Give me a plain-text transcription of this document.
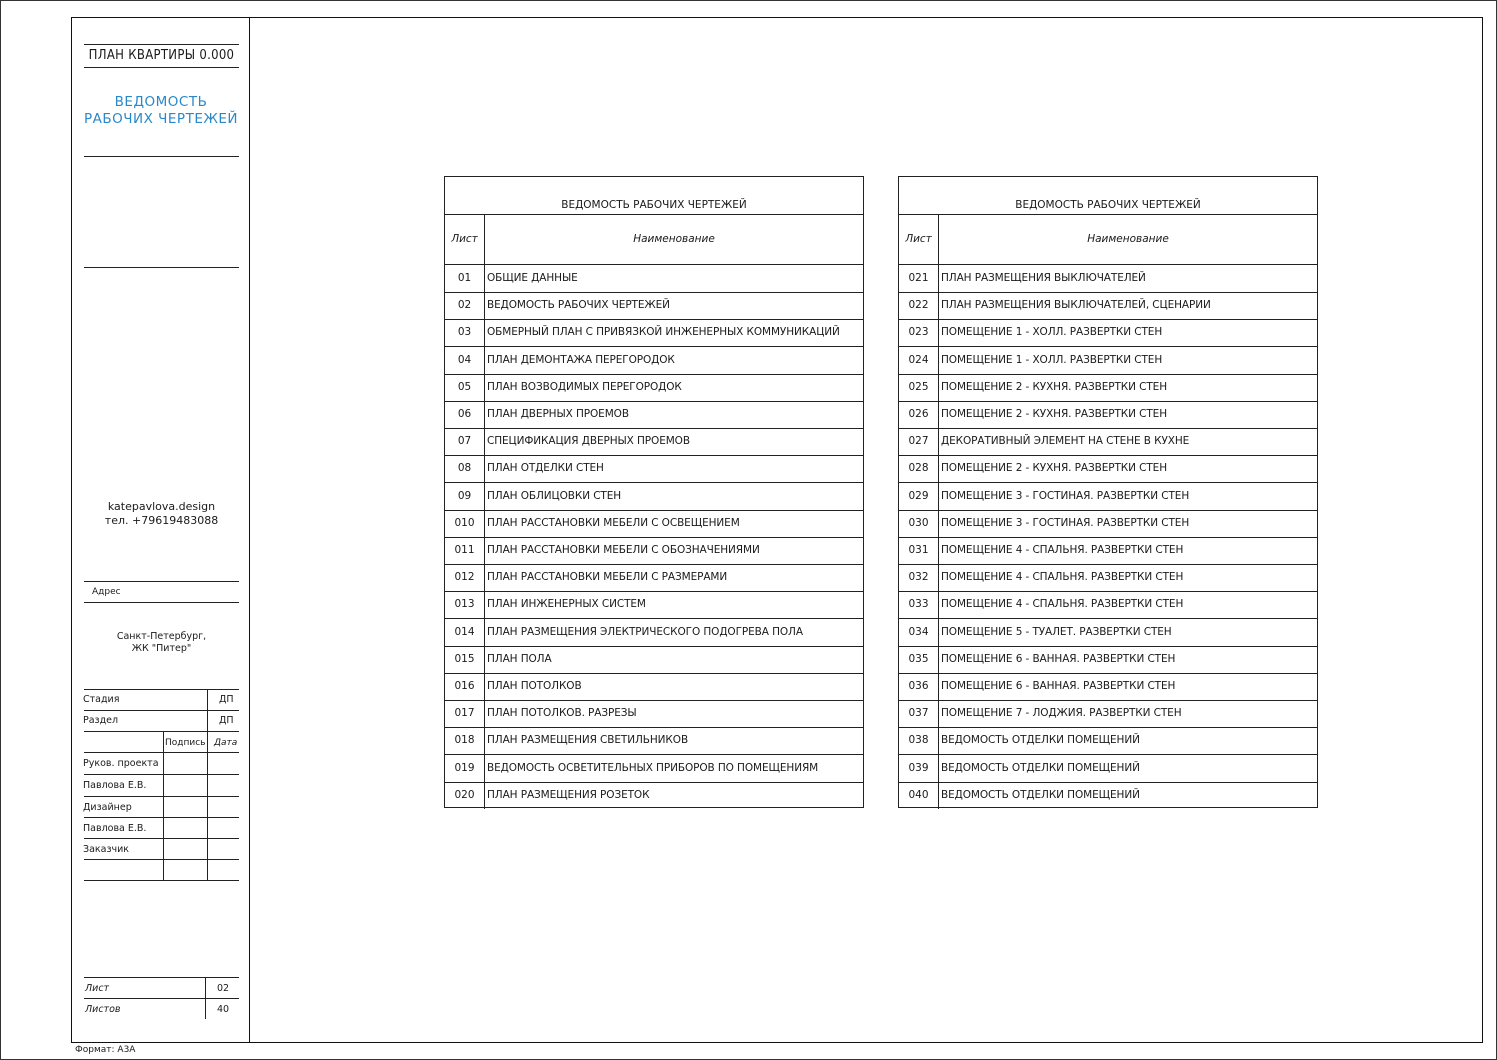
ПЛАН КВАРТИРЫ 0.000
ВЕДОМОСТЬ РАБОЧИХ ЧЕРТЕЖЕЙ
katepavlova.design
тел. +79619483088
Адрес
Санкт-Петербург,
ЖК "Питер"
Стадия	ДП
Раздел	ДП
Подпись Дата
Руков. проекта
Павлова Е.В.
Дизайнер
Павлова Е.В.
Заказчик
Лист	02
Листов	40
Формат: А3А
ВЕДОМОСТЬ РАБОЧИХ ЧЕРТЕЖЕЙ
Лист	Наименование
01	ОБЩИЕ ДАННЫЕ
02	ВЕДОМОСТЬ РАБОЧИХ ЧЕРТЕЖЕЙ
03	ОБМЕРНЫЙ ПЛАН С ПРИВЯЗКОЙ ИНЖЕНЕРНЫХ КОММУНИКАЦИЙ
04	ПЛАН ДЕМОНТАЖА ПЕРЕГОРОДОК
05	ПЛАН ВОЗВОДИМЫХ ПЕРЕГОРОДОК
06	ПЛАН ДВЕРНЫХ ПРОЕМОВ
07	СПЕЦИФИКАЦИЯ ДВЕРНЫХ ПРОЕМОВ
08	ПЛАН ОТДЕЛКИ СТЕН
09	ПЛАН ОБЛИЦОВКИ СТЕН
010	ПЛАН РАССТАНОВКИ МЕБЕЛИ С ОСВЕЩЕНИЕМ
011	ПЛАН РАССТАНОВКИ МЕБЕЛИ С ОБОЗНАЧЕНИЯМИ
012	ПЛАН РАССТАНОВКИ МЕБЕЛИ С РАЗМЕРАМИ
013	ПЛАН ИНЖЕНЕРНЫХ СИСТЕМ
014	ПЛАН РАЗМЕЩЕНИЯ ЭЛЕКТРИЧЕСКОГО ПОДОГРЕВА ПОЛА
015	ПЛАН ПОЛА
016	ПЛАН ПОТОЛКОВ
017	ПЛАН ПОТОЛКОВ. РАЗРЕЗЫ
018	ПЛАН РАЗМЕЩЕНИЯ СВЕТИЛЬНИКОВ
019	ВЕДОМОСТЬ ОСВЕТИТЕЛЬНЫХ ПРИБОРОВ ПО ПОМЕЩЕНИЯМ
020	ПЛАН РАЗМЕЩЕНИЯ РОЗЕТОК
ВЕДОМОСТЬ РАБОЧИХ ЧЕРТЕЖЕЙ
Лист	Наименование
021	ПЛАН РАЗМЕЩЕНИЯ ВЫКЛЮЧАТЕЛЕЙ
022	ПЛАН РАЗМЕЩЕНИЯ ВЫКЛЮЧАТЕЛЕЙ, СЦЕНАРИИ
023	ПОМЕЩЕНИЕ 1 - ХОЛЛ. РАЗВЕРТКИ СТЕН
024	ПОМЕЩЕНИЕ 1 - ХОЛЛ. РАЗВЕРТКИ СТЕН
025	ПОМЕЩЕНИЕ 2 - КУХНЯ. РАЗВЕРТКИ СТЕН
026	ПОМЕЩЕНИЕ 2 - КУХНЯ. РАЗВЕРТКИ СТЕН
027	ДЕКОРАТИВНЫЙ ЭЛЕМЕНТ НА СТЕНЕ В КУХНЕ
028	ПОМЕЩЕНИЕ 2 - КУХНЯ. РАЗВЕРТКИ СТЕН
029	ПОМЕЩЕНИЕ 3 - ГОСТИНАЯ. РАЗВЕРТКИ СТЕН
030	ПОМЕЩЕНИЕ 3 - ГОСТИНАЯ. РАЗВЕРТКИ СТЕН
031	ПОМЕЩЕНИЕ 4 - СПАЛЬНЯ. РАЗВЕРТКИ СТЕН
032	ПОМЕЩЕНИЕ 4 - СПАЛЬНЯ. РАЗВЕРТКИ СТЕН
033	ПОМЕЩЕНИЕ 4 - СПАЛЬНЯ. РАЗВЕРТКИ СТЕН
034	ПОМЕЩЕНИЕ 5 - ТУАЛЕТ. РАЗВЕРТКИ СТЕН
035	ПОМЕЩЕНИЕ 6 - ВАННАЯ. РАЗВЕРТКИ СТЕН
036	ПОМЕЩЕНИЕ 6 - ВАННАЯ. РАЗВЕРТКИ СТЕН
037	ПОМЕЩЕНИЕ 7 - ЛОДЖИЯ. РАЗВЕРТКИ СТЕН
038	ВЕДОМОСТЬ ОТДЕЛКИ ПОМЕЩЕНИЙ
039	ВЕДОМОСТЬ ОТДЕЛКИ ПОМЕЩЕНИЙ
040	ВЕДОМОСТЬ ОТДЕЛКИ ПОМЕЩЕНИЙ
